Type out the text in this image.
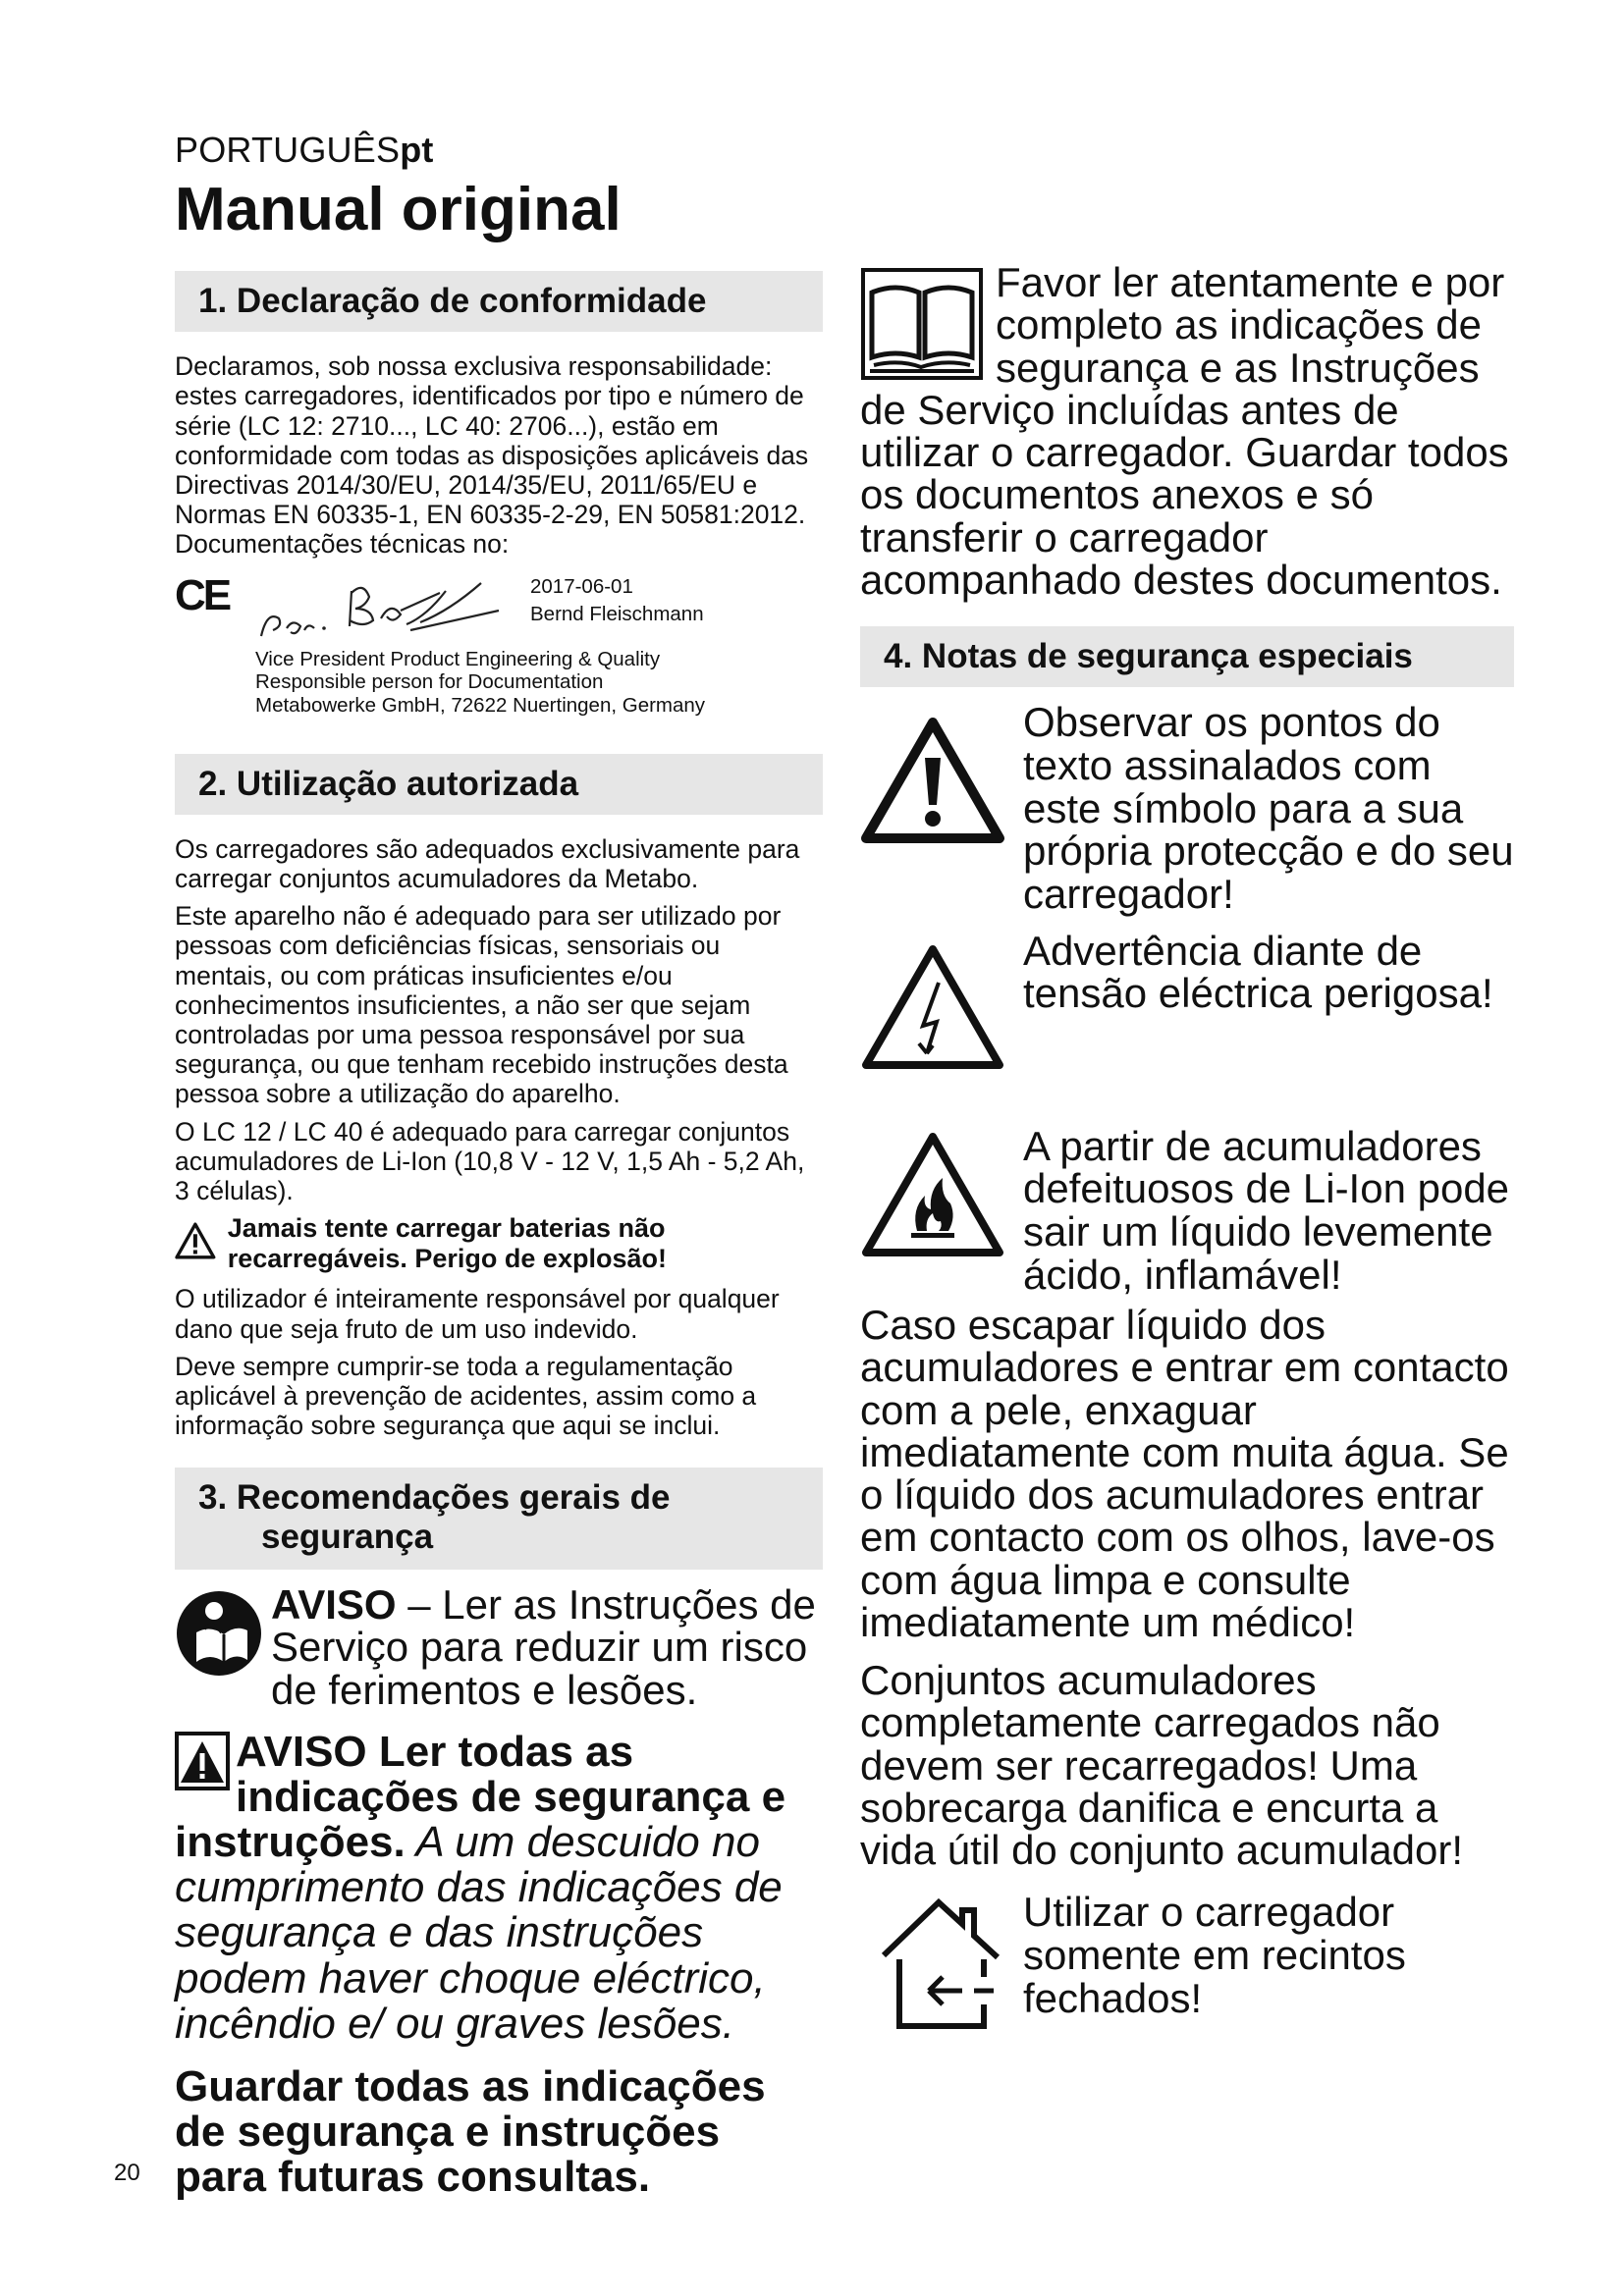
PORTUGUÊSpt
Manual original
1. Declaração de conformidade

Declaramos, sob nossa exclusiva responsabilidade: estes carregadores, identificados por tipo e número de série (LC 12: 2710..., LC 40: 2706...), estão em conformidade com todas as disposições aplicáveis das Directivas 2014/30/EU, 2014/35/EU, 2011/65/EU e Normas EN 60335-1, EN 60335-2-29, EN 50581:2012. Documentações técnicas no:

CE	2017-06-01
Bernd Fleischmann

Vice President Product Engineering & Quality

Responsible person for Documentation

Metabowerke GmbH, 72622 Nuertingen, Germany

2. Utilização autorizada

Os carregadores são adequados exclusivamente para carregar conjuntos acumuladores da Metabo.

Este aparelho não é adequado para ser utilizado por pessoas com deficiências físicas, sensoriais ou mentais, ou com práticas insuficientes e/ou conhecimentos insuficientes, a não ser que sejam controladas por uma pessoa responsável por sua segurança, ou que tenham recebido instruções desta pessoa sobre a utilização do aparelho.

O LC 12 / LC 40 é adequado para carregar conjuntos acumuladores de Li-Ion (10,8 V - 12 V, 1,5 Ah - 5,2 Ah, 3 células).

Jamais tente carregar baterias não recarregáveis. Perigo de explosão!

O utilizador é inteiramente responsável por qualquer dano que seja fruto de um uso indevido.

Deve sempre cumprir-se toda a regulamentação aplicável à prevenção de acidentes, assim como a informação sobre segurança que aqui se inclui.

3. Recomendações gerais de
segurança
AVISO – Ler as Instruções de Serviço para reduzir um risco de ferimentos e lesões.
AVISO Ler todas as indicações de segurança e instruções. A um descuido no cumprimento das indicações de segurança e das instruções podem haver choque eléctrico, incêndio e/ ou graves lesões.
Guardar todas as indicações de segurança e instruções para futuras consultas.
Favor ler atentamente e por completo as indicações de segurança e as Instruções de Serviço incluídas antes de utilizar o carregador. Guardar todos os documentos anexos e só transferir o carregador acompanhado destes documentos.
4. Notas de segurança especiais
Observar os pontos do texto assinalados com este símbolo para a sua própria protecção e do seu carregador!
Advertência diante de tensão eléctrica perigosa!
A partir de acumuladores defeituosos de Li-Ion pode sair um líquido levemente ácido, inflamável!

Caso escapar líquido dos acumuladores e entrar em contacto com a pele, enxaguar imediatamente com muita água. Se o líquido dos acumuladores entrar em contacto com os olhos, lave-os com água limpa e consulte imediatamente um médico!

Conjuntos acumuladores completamente carregados não devem ser recarregados! Uma sobrecarga danifica e encurta a vida útil do conjunto acumulador!

Utilizar o carregador somente em recintos fechados!
20
